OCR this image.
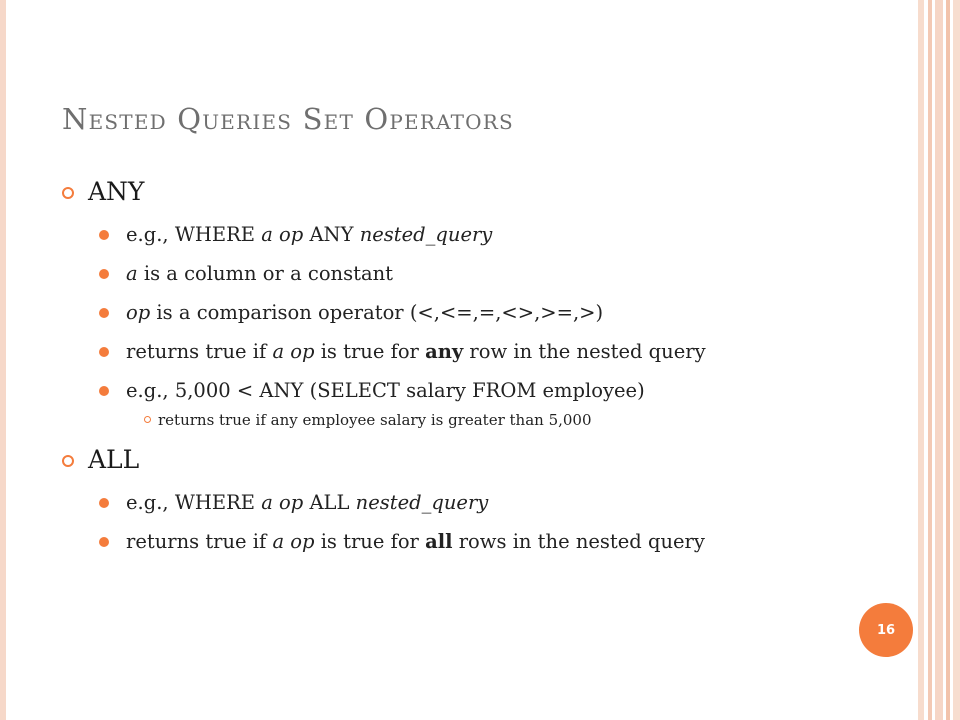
Nested Queries Set Operators
ANY
e.g., WHERE a op ANY nested_query
a is a column or a constant
op is a comparison operator (<,<=,=,<>,>=,>)
returns true if a op is true for any row in the nested query
e.g., 5,000 < ANY (SELECT salary FROM employee)
returns true if any employee salary is greater than 5,000
ALL
e.g., WHERE a op ALL nested_query
returns true if a op is true for all rows in the nested query
16
